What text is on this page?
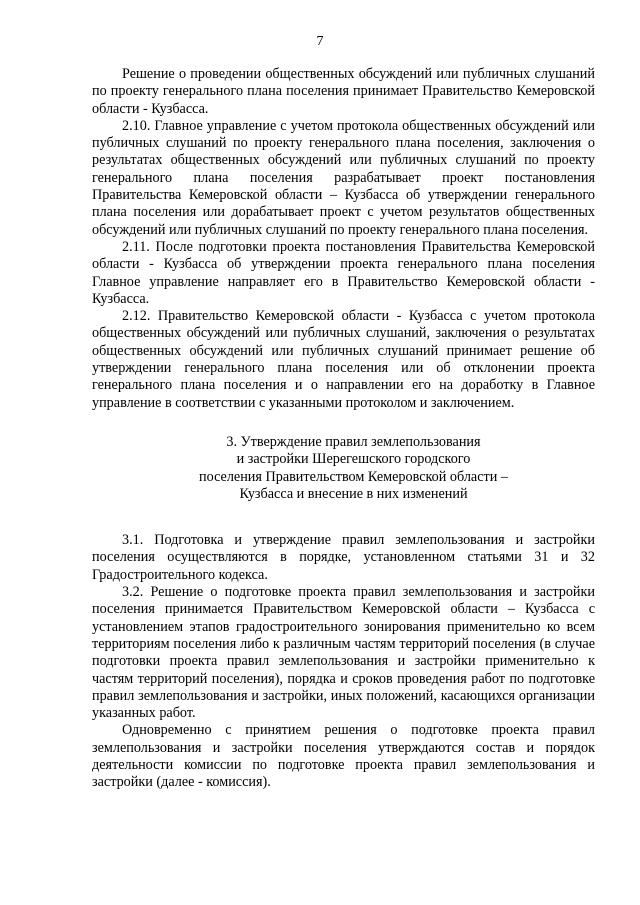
7

Решение о проведении общественных обсуждений или публичных слушаний по проекту генерального плана поселения принимает Правительство Кемеровской области - Кузбасса.

2.10. Главное управление с учетом протокола общественных обсуждений или публичных слушаний по проекту генерального плана поселения, заключения о результатах общественных обсуждений или публичных слушаний по проекту генерального плана поселения разрабатывает проект постановления Правительства Кемеровской области – Кузбасса об утверждении генерального плана поселения или дорабатывает проект с учетом результатов общественных обсуждений или публичных слушаний по проекту генерального плана поселения.

2.11. После подготовки проекта постановления Правительства Кемеровской области - Кузбасса об утверждении проекта генерального плана поселения Главное управление направляет его в Правительство Кемеровской области - Кузбасса.

2.12. Правительство Кемеровской области - Кузбасса с учетом протокола общественных обсуждений или публичных слушаний, заключения о результатах общественных обсуждений или публичных слушаний принимает решение об утверждении генерального плана поселения или об отклонении проекта генерального плана поселения и о направлении его на доработку в Главное управление в соответствии с указанными протоколом и заключением.

3. Утверждение правил землепользования
и застройки Шерегешского городского
поселения Правительством Кемеровской области –
Кузбасса и внесение в них изменений

3.1. Подготовка и утверждение правил землепользования и застройки поселения осуществляются в порядке, установленном статьями 31 и 32 Градостроительного кодекса.

3.2. Решение о подготовке проекта правил землепользования и застройки поселения принимается Правительством Кемеровской области – Кузбасса с установлением этапов градостроительного зонирования применительно ко всем территориям поселения либо к различным частям территорий поселения (в случае подготовки проекта правил землепользования и застройки применительно к частям территорий поселения), порядка и сроков проведения работ по подготовке правил землепользования и застройки, иных положений, касающихся организации указанных работ.

Одновременно с принятием решения о подготовке проекта правил землепользования и застройки поселения утверждаются состав и порядок деятельности комиссии по подготовке проекта правил землепользования и застройки (далее - комиссия).
